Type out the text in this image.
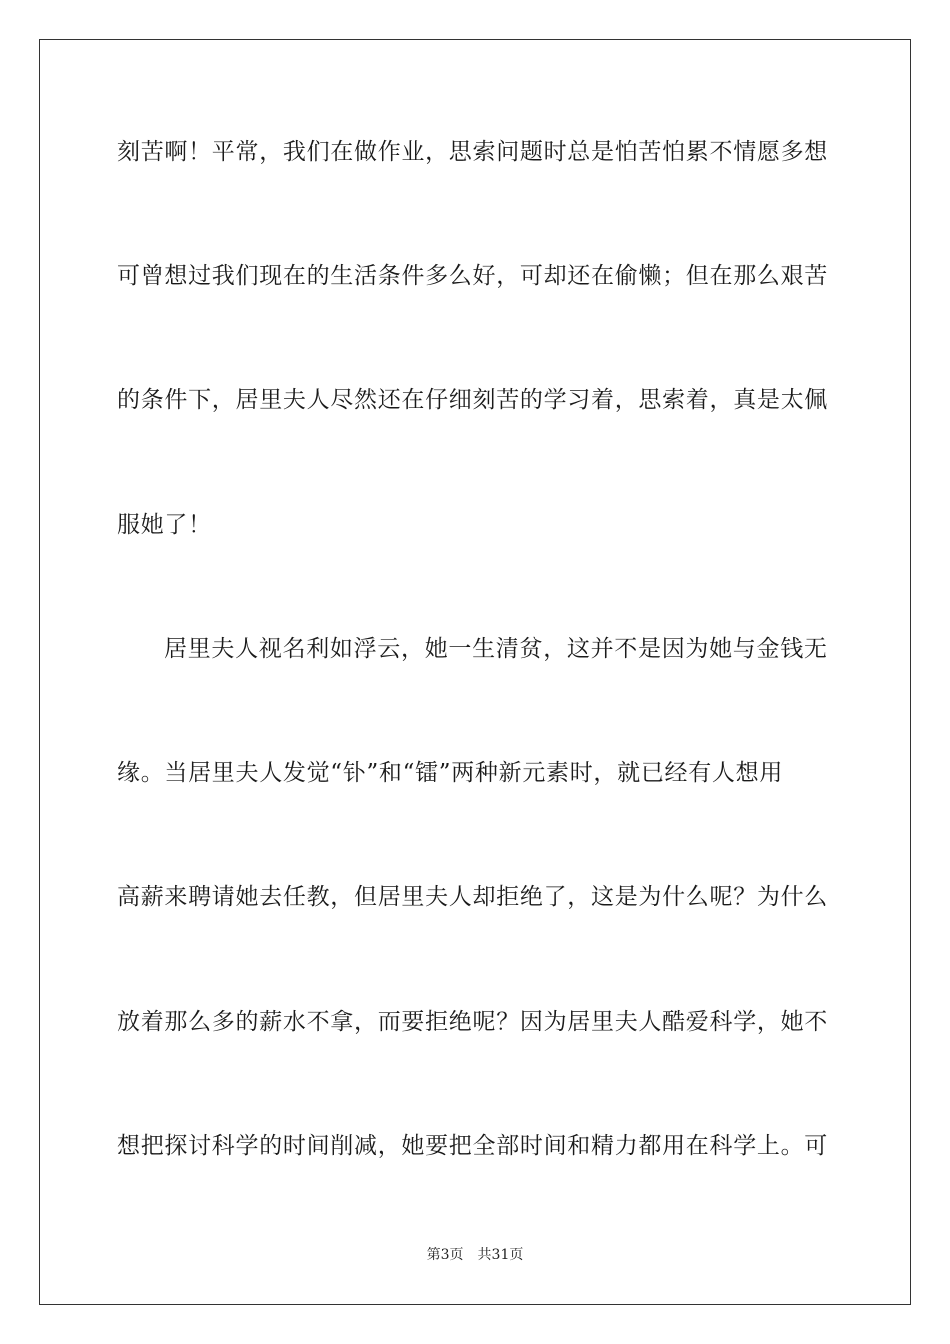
刻苦啊！平常，我们在做作业，思索问题时总是怕苦怕累不情愿多想
可曾想过我们现在的生活条件多么好，可却还在偷懒；但在那么艰苦
的条件下，居里夫人尽然还在仔细刻苦的学习着，思索着，真是太佩
服她了！
居里夫人视名利如浮云，她一生清贫，这并不是因为她与金钱无
缘。当居里夫人发觉“钋”和“镭”两种新元素时，就已经有人想用
高薪来聘请她去任教，但居里夫人却拒绝了，这是为什么呢？为什么
放着那么多的薪水不拿，而要拒绝呢？因为居里夫人酷爱科学，她不
想把探讨科学的时间削减，她要把全部时间和精力都用在科学上。可
第3页 共31页
